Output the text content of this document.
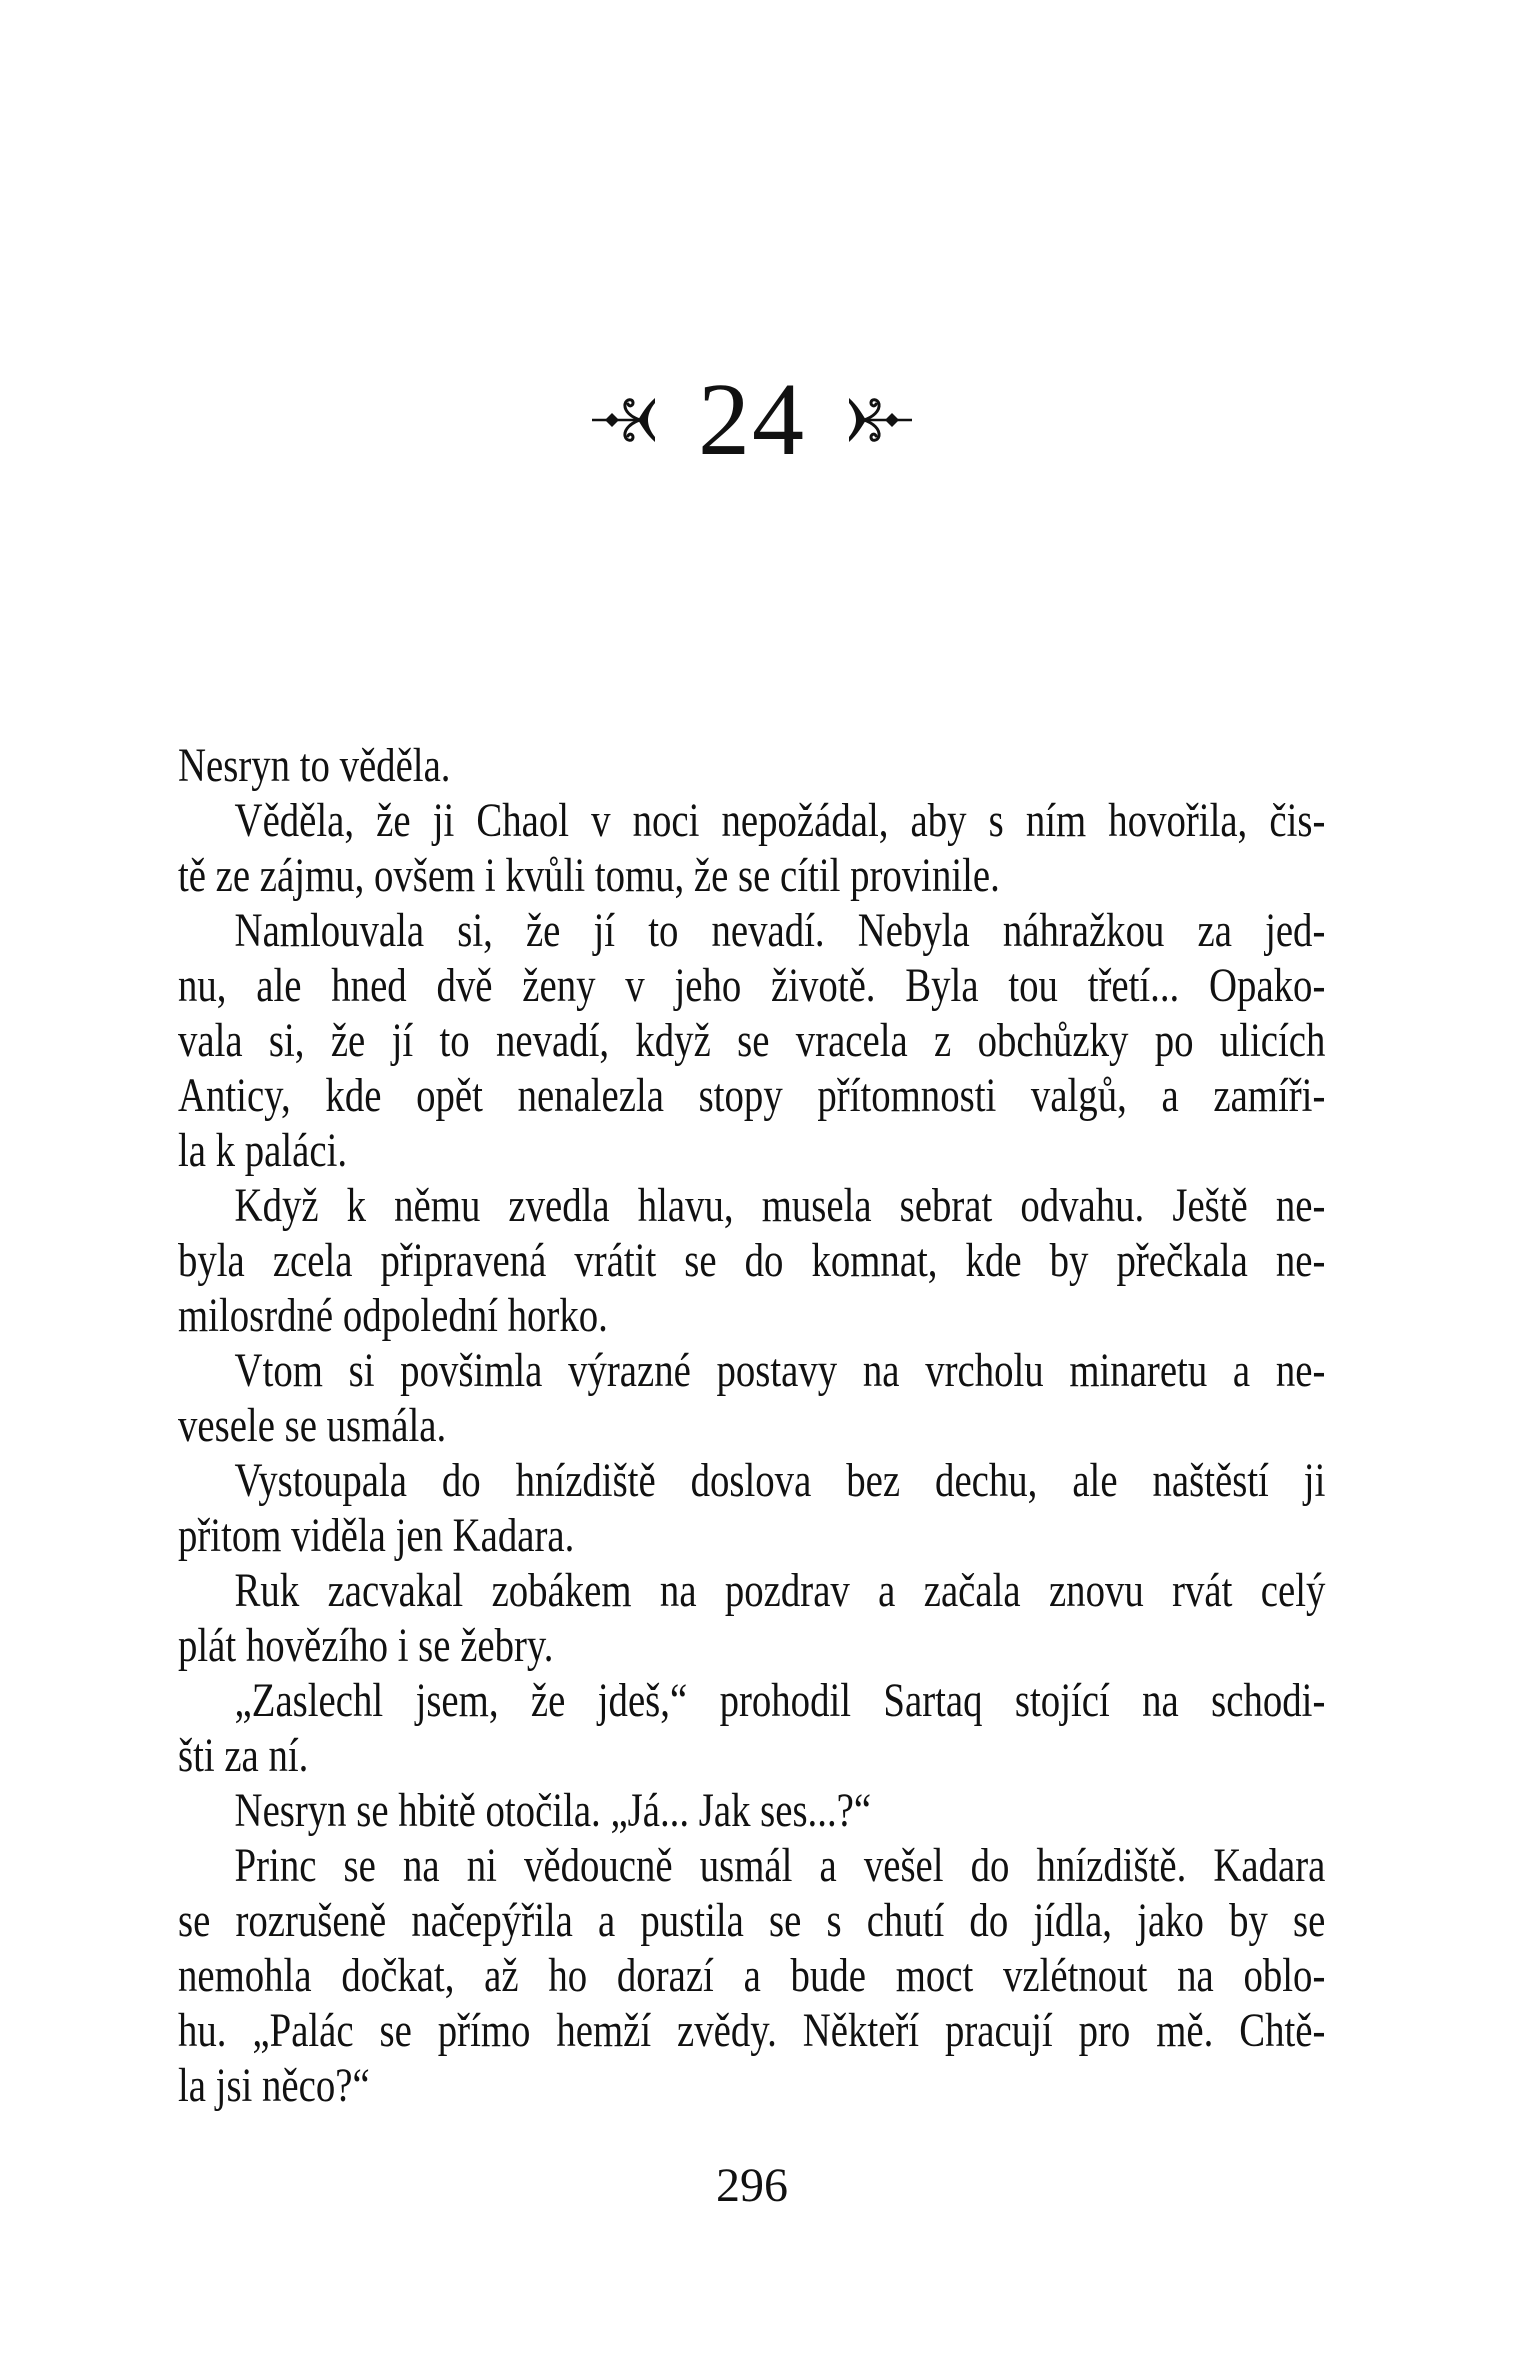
24
Nesryn to věděla.
Věděla, že ji Chaol v noci nepožádal, aby s ním hovořila, čis-
tě ze zájmu, ovšem i kvůli tomu, že se cítil provinile.
Namlouvala si, že jí to nevadí. Nebyla náhražkou za jed-
nu, ale hned dvě ženy v jeho životě. Byla tou třetí... Opako-
vala si, že jí to nevadí, když se vracela z obchůzky po ulicích
Anticy, kde opět nenalezla stopy přítomnosti valgů, a zamíři-
la k paláci.
Když k němu zvedla hlavu, musela sebrat odvahu. Ještě ne-
byla zcela připravená vrátit se do komnat, kde by přečkala ne-
milosrdné odpolední horko.
Vtom si povšimla výrazné postavy na vrcholu minaretu a ne-
vesele se usmála.
Vystoupala do hnízdiště doslova bez dechu, ale naštěstí ji
přitom viděla jen Kadara.
Ruk zacvakal zobákem na pozdrav a začala znovu rvát celý
plát hovězího i se žebry.
„Zaslechl jsem, že jdeš,“ prohodil Sartaq stojící na schodi-
šti za ní.
Nesryn se hbitě otočila. „Já... Jak ses...?“
Princ se na ni vědoucně usmál a vešel do hnízdiště. Kadara
se rozrušeně načepýřila a pustila se s chutí do jídla, jako by se
nemohla dočkat, až ho dorazí a bude moct vzlétnout na oblo-
hu. „Palác se přímo hemží zvědy. Někteří pracují pro mě. Chtě-
la jsi něco?“
296
